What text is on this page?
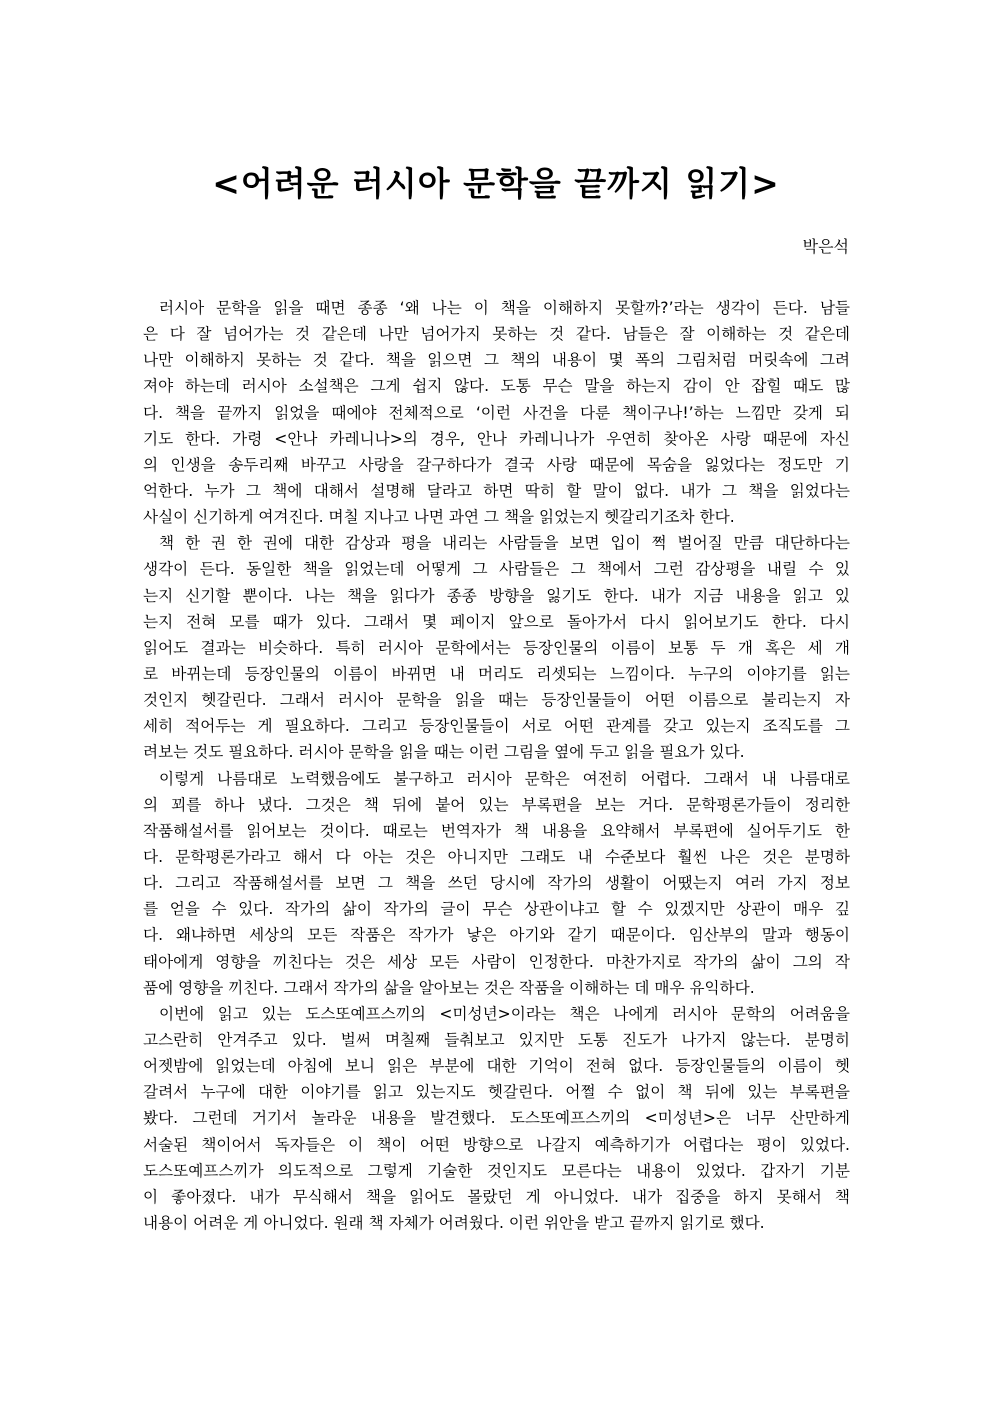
<어려운 러시아 문학을 끝까지 읽기>
박은석
러시아 문학을 읽을 때면 종종 ‘왜 나는 이 책을 이해하지 못할까?’라는 생각이 든다. 남들
은 다 잘 넘어가는 것 같은데 나만 넘어가지 못하는 것 같다. 남들은 잘 이해하는 것 같은데
나만 이해하지 못하는 것 같다. 책을 읽으면 그 책의 내용이 몇 폭의 그림처럼 머릿속에 그려
져야 하는데 러시아 소설책은 그게 쉽지 않다. 도통 무슨 말을 하는지 감이 안 잡힐 때도 많
다. 책을 끝까지 읽었을 때에야 전체적으로 ‘이런 사건을 다룬 책이구나!’하는 느낌만 갖게 되
기도 한다. 가령 <안나 카레니나>의 경우, 안나 카레니나가 우연히 찾아온 사랑 때문에 자신
의 인생을 송두리째 바꾸고 사랑을 갈구하다가 결국 사랑 때문에 목숨을 잃었다는 정도만 기
억한다. 누가 그 책에 대해서 설명해 달라고 하면 딱히 할 말이 없다. 내가 그 책을 읽었다는
사실이 신기하게 여겨진다. 며칠 지나고 나면 과연 그 책을 읽었는지 헷갈리기조차 한다.
책 한 권 한 권에 대한 감상과 평을 내리는 사람들을 보면 입이 쩍 벌어질 만큼 대단하다는
생각이 든다. 동일한 책을 읽었는데 어떻게 그 사람들은 그 책에서 그런 감상평을 내릴 수 있
는지 신기할 뿐이다. 나는 책을 읽다가 종종 방향을 잃기도 한다. 내가 지금 내용을 읽고 있
는지 전혀 모를 때가 있다. 그래서 몇 페이지 앞으로 돌아가서 다시 읽어보기도 한다. 다시
읽어도 결과는 비슷하다. 특히 러시아 문학에서는 등장인물의 이름이 보통 두 개 혹은 세 개
로 바뀌는데 등장인물의 이름이 바뀌면 내 머리도 리셋되는 느낌이다. 누구의 이야기를 읽는
것인지 헷갈린다. 그래서 러시아 문학을 읽을 때는 등장인물들이 어떤 이름으로 불리는지 자
세히 적어두는 게 필요하다. 그리고 등장인물들이 서로 어떤 관계를 갖고 있는지 조직도를 그
려보는 것도 필요하다. 러시아 문학을 읽을 때는 이런 그림을 옆에 두고 읽을 필요가 있다.
이렇게 나름대로 노력했음에도 불구하고 러시아 문학은 여전히 어렵다. 그래서 내 나름대로
의 꾀를 하나 냈다. 그것은 책 뒤에 붙어 있는 부록편을 보는 거다. 문학평론가들이 정리한
작품해설서를 읽어보는 것이다. 때로는 번역자가 책 내용을 요약해서 부록편에 실어두기도 한
다. 문학평론가라고 해서 다 아는 것은 아니지만 그래도 내 수준보다 훨씬 나은 것은 분명하
다. 그리고 작품해설서를 보면 그 책을 쓰던 당시에 작가의 생활이 어땠는지 여러 가지 정보
를 얻을 수 있다. 작가의 삶이 작가의 글이 무슨 상관이냐고 할 수 있겠지만 상관이 매우 깊
다. 왜냐하면 세상의 모든 작품은 작가가 낳은 아기와 같기 때문이다. 임산부의 말과 행동이
태아에게 영향을 끼친다는 것은 세상 모든 사람이 인정한다. 마찬가지로 작가의 삶이 그의 작
품에 영향을 끼친다. 그래서 작가의 삶을 알아보는 것은 작품을 이해하는 데 매우 유익하다.
이번에 읽고 있는 도스또예프스끼의 <미성년>이라는 책은 나에게 러시아 문학의 어려움을
고스란히 안겨주고 있다. 벌써 며칠째 들춰보고 있지만 도통 진도가 나가지 않는다. 분명히
어젯밤에 읽었는데 아침에 보니 읽은 부분에 대한 기억이 전혀 없다. 등장인물들의 이름이 헷
갈려서 누구에 대한 이야기를 읽고 있는지도 헷갈린다. 어쩔 수 없이 책 뒤에 있는 부록편을
봤다. 그런데 거기서 놀라운 내용을 발견했다. 도스또예프스끼의 <미성년>은 너무 산만하게
서술된 책이어서 독자들은 이 책이 어떤 방향으로 나갈지 예측하기가 어렵다는 평이 있었다.
도스또예프스끼가 의도적으로 그렇게 기술한 것인지도 모른다는 내용이 있었다. 갑자기 기분
이 좋아졌다. 내가 무식해서 책을 읽어도 몰랐던 게 아니었다. 내가 집중을 하지 못해서 책
내용이 어려운 게 아니었다. 원래 책 자체가 어려웠다. 이런 위안을 받고 끝까지 읽기로 했다.
